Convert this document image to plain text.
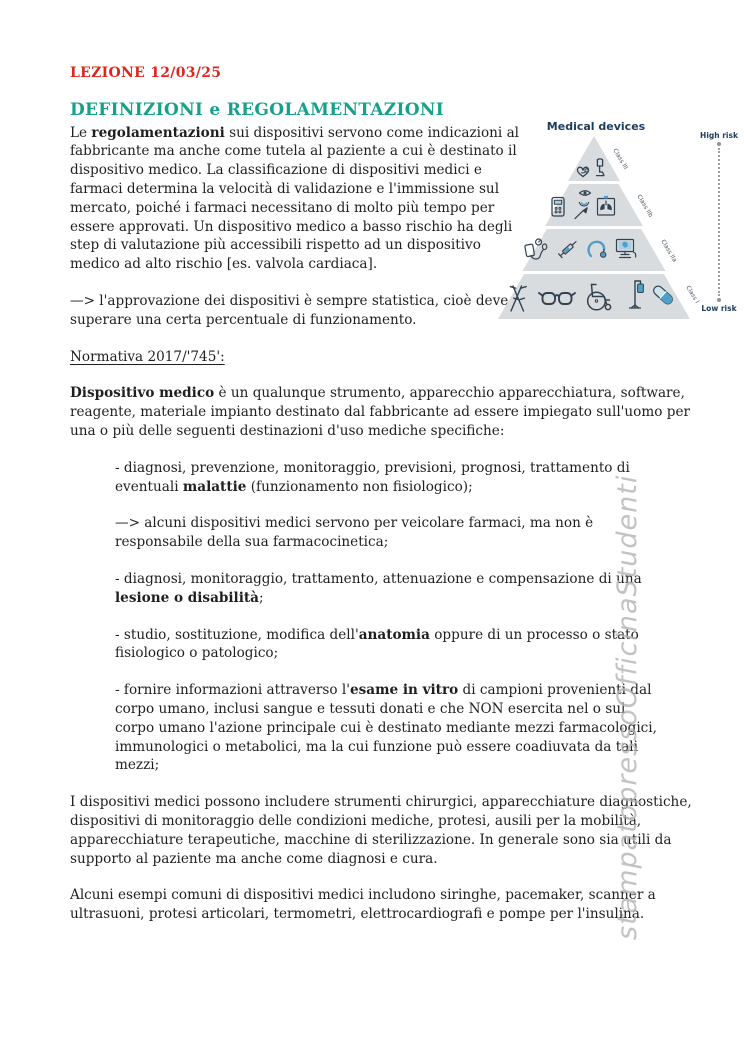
LEZIONE 12/03/25
DEFINIZIONI e REGOLAMENTAZIONI

Le regolamentazioni sui dispositivi servono come indicazioni al fabbricante ma anche come tutela al paziente a cui è destinato il dispositivo medico. La classificazione di dispositivi medici e farmaci determina la velocità di validazione e l'immissione sul mercato, poiché i farmaci necessitano di molto più tempo per essere approvati. Un dispositivo medico a basso rischio ha degli step di valutazione più accessibili rispetto ad un dispositivo medico ad alto rischio [es. valvola cardiaca].

—> l'approvazione dei dispositivi è sempre statistica, cioè deve superare una certa percentuale di funzionamento.

Normativa 2017/'745':

Dispositivo medico è un qualunque strumento, apparecchio apparecchiatura, software, reagente, materiale impianto destinato dal fabbricante ad essere impiegato sull'uomo per una o più delle seguenti destinazioni d'uso mediche specifiche:

- diagnosi, prevenzione, monitoraggio, previsioni, prognosi, trattamento di eventuali malattie (funzionamento non fisiologico);

—> alcuni dispositivi medici servono per veicolare farmaci, ma non è responsabile della sua farmacocinetica;

- diagnosi, monitoraggio, trattamento, attenuazione e compensazione di una lesione o disabilità;

- studio, sostituzione, modifica dell'anatomia oppure di un processo o stato fisiologico o patologico;

- fornire informazioni attraverso l'esame in vitro di campioni provenienti dal corpo umano, inclusi sangue e tessuti donati e che NON esercita nel o sul corpo umano l'azione principale cui è destinato mediante mezzi farmacologici, immunologici o metabolici, ma la cui funzione può essere coadiuvata da tali mezzi;

I dispositivi medici possono includere strumenti chirurgici, apparecchiature diagnostiche, dispositivi di monitoraggio delle condizioni mediche, protesi, ausili per la mobilità, apparecchiature terapeutiche, macchine di sterilizzazione. In generale sono sia utili da supporto al paziente ma anche come diagnosi e cura.

Alcuni esempi comuni di dispositivi medici includono siringhe, pacemaker, scanner a ultrasuoni, protesi articolari, termometri, elettrocardiografi e pompe per l'insulina.

Medical devices
Class III
Class IIb
Class IIa
Class I
High risk
Low risk
stampatopressoOfficinaStudenti
